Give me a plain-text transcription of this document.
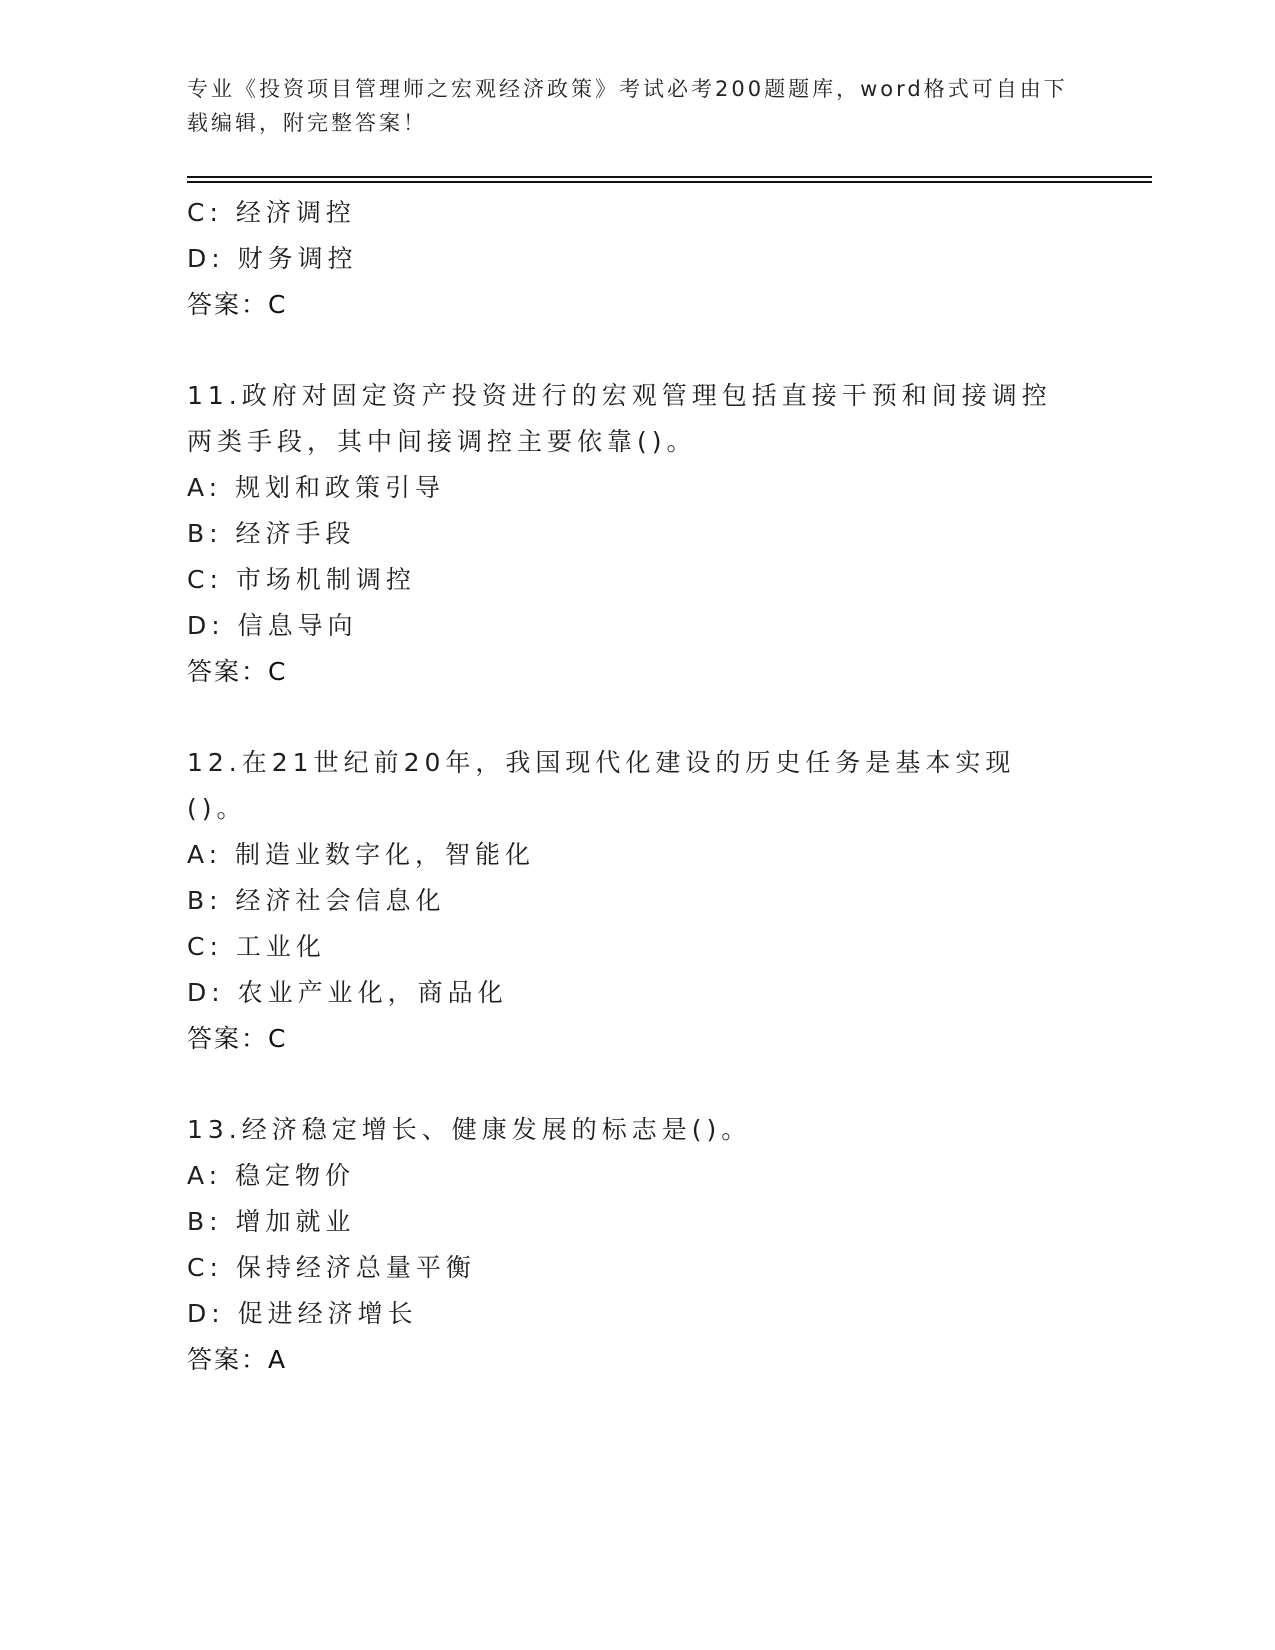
专业《投资项目管理师之宏观经济政策》考试必考200题题库，word格式可自由下载编辑，附完整答案！
C: 经济调控
D: 财务调控
答案：C
11.政府对固定资产投资进行的宏观管理包括直接干预和间接调控两类手段，其中间接调控主要依靠()。
A: 规划和政策引导
B: 经济手段
C: 市场机制调控
D: 信息导向
答案：C
12.在21世纪前20年，我国现代化建设的历史任务是基本实现()。
A: 制造业数字化，智能化
B: 经济社会信息化
C: 工业化
D: 农业产业化，商品化
答案：C
13.经济稳定增长、健康发展的标志是()。
A: 稳定物价
B: 增加就业
C: 保持经济总量平衡
D: 促进经济增长
答案：A
